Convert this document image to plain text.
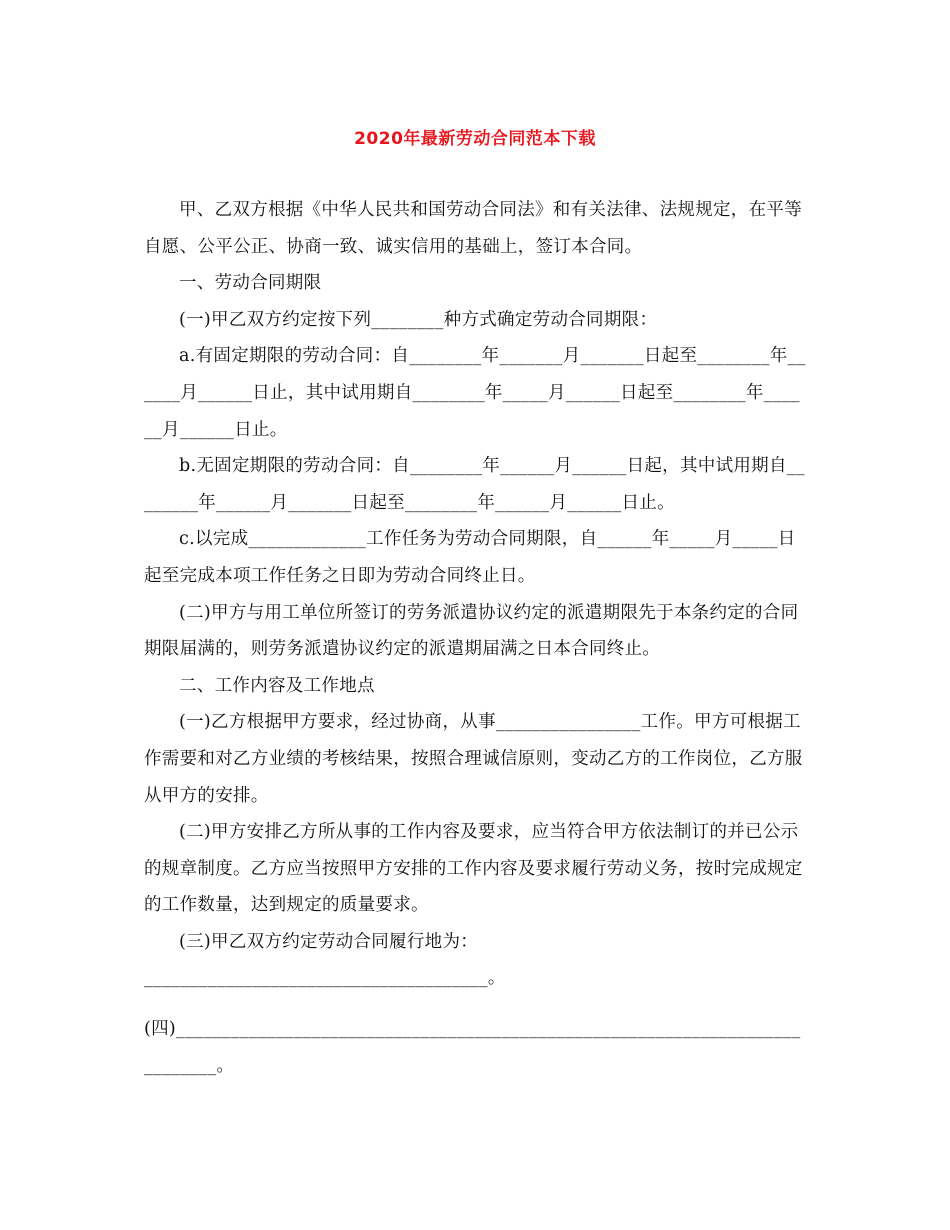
2020年最新劳动合同范本下载

甲、乙双方根据《中华人民共和国劳动合同法》和有关法律、法规规定，在平等自愿、公平公正、协商一致、诚实信用的基础上，签订本合同。

一、劳动合同期限

(一)甲乙双方约定按下列________种方式确定劳动合同期限：

a.有固定期限的劳动合同：自________年_______月_______日起至________年______月______日止，其中试用期自________年_____月______日起至________年______月______日止。

b.无固定期限的劳动合同：自________年______月______日起，其中试用期自________年______月_______日起至________年______月______日止。

c.以完成_____________工作任务为劳动合同期限，自______年_____月_____日起至完成本项工作任务之日即为劳动合同终止日。

(二)甲方与用工单位所签订的劳务派遣协议约定的派遣期限先于本条约定的合同期限届满的，则劳务派遣协议约定的派遣期届满之日本合同终止。

二、工作内容及工作地点

(一)乙方根据甲方要求，经过协商，从事________________工作。甲方可根据工作需要和对乙方业绩的考核结果，按照合理诚信原则，变动乙方的工作岗位，乙方服从甲方的安排。

(二)甲方安排乙方所从事的工作内容及要求，应当符合甲方依法制订的并已公示的规章制度。乙方应当按照甲方安排的工作内容及要求履行劳动义务，按时完成规定的工作数量，达到规定的质量要求。

(三)甲乙双方约定劳动合同履行地为：

______________________________________。

(四)_____________________________________________________________________________。
